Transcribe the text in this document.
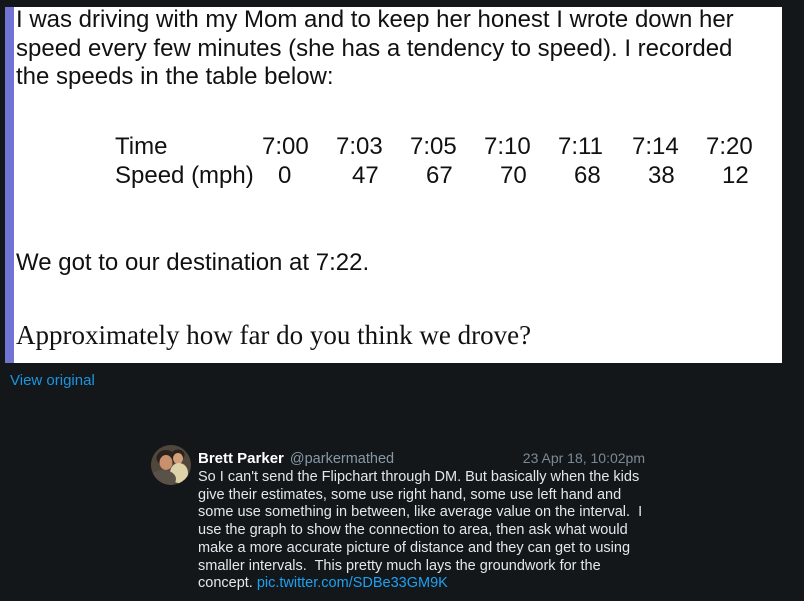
I was driving with my Mom and to keep her honest I wrote down her speed every few minutes (she has a tendency to speed). I recorded the speeds in the table below:
Time	7:00	7:03	7:05	7:10	7:11	7:14	7:20
Speed (mph)	0	47	67	70	68	38	12
We got to our destination at 7:22.
Approximately how far do you think we drove?
View original
Brett Parker @parkermathed	23 Apr 18, 10:02pm
So I can't send the Flipchart through DM. But basically when the kids
give their estimates, some use right hand, some use left hand and
some use something in between, like average value on the interval.  I
use the graph to show the connection to area, then ask what would
make a more accurate picture of distance and they can get to using
smaller intervals.  This pretty much lays the groundwork for the
concept. pic.twitter.com/SDBe33GM9K
